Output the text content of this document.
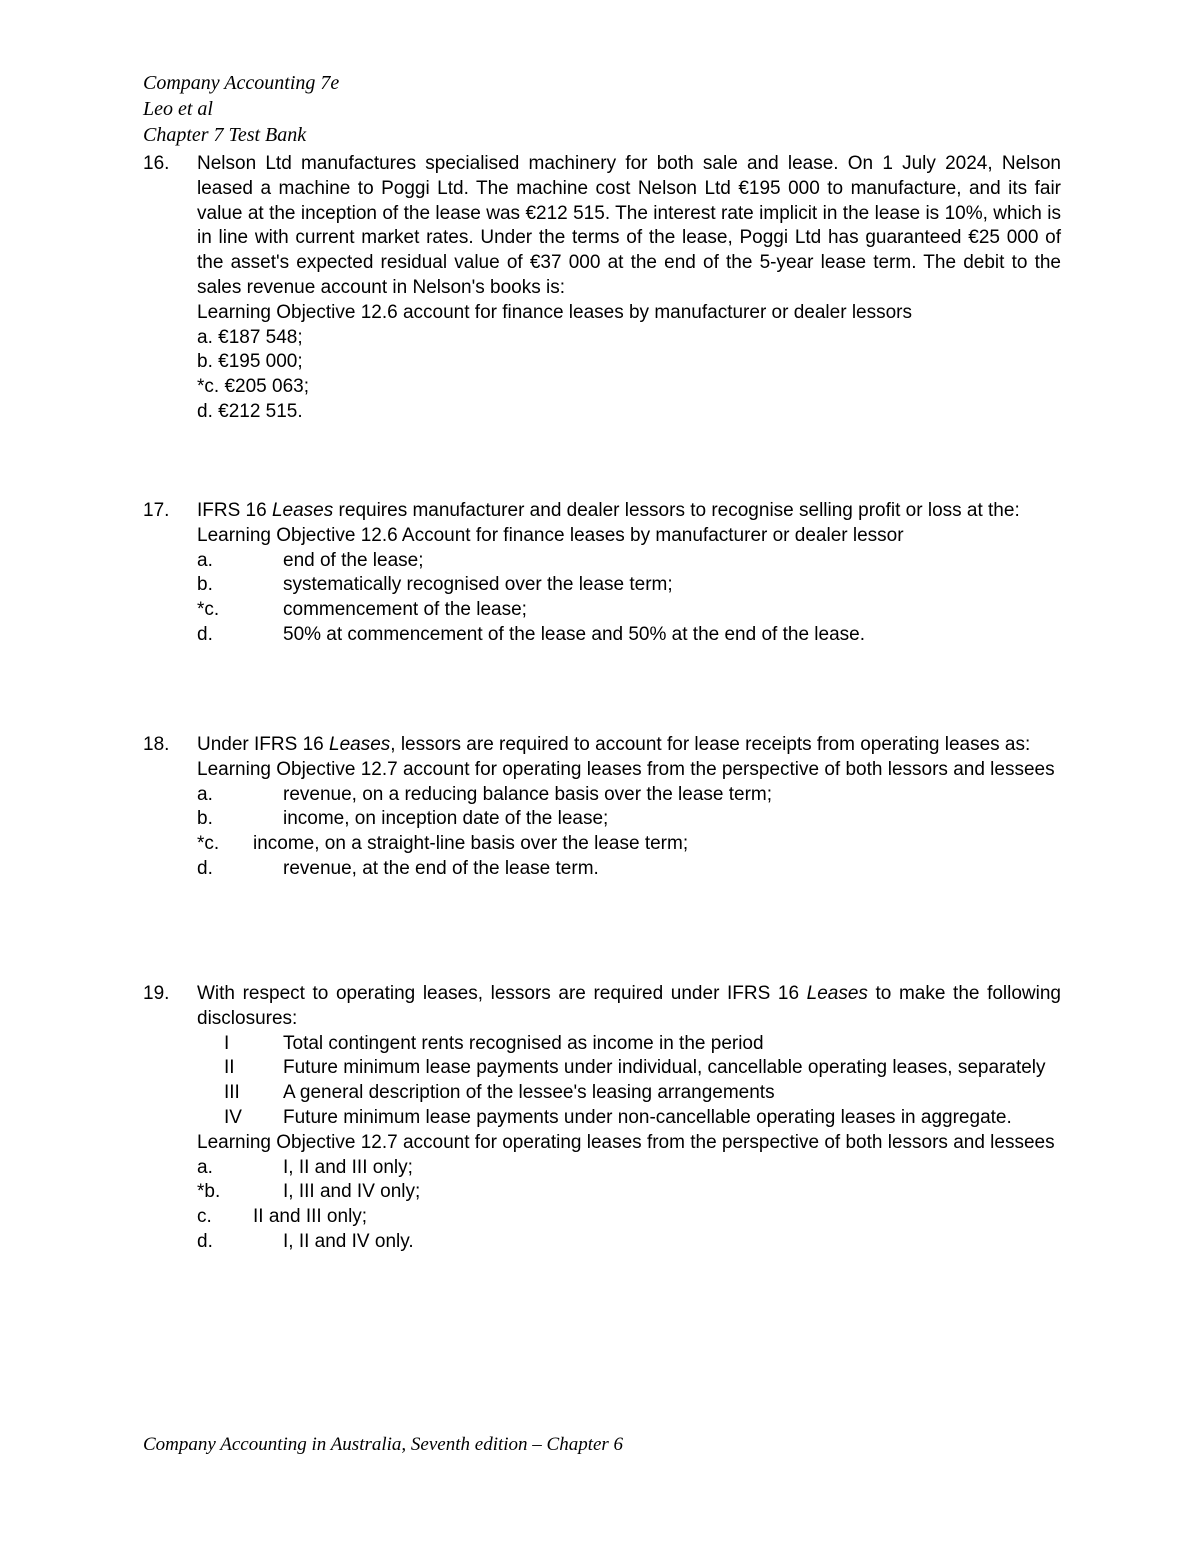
Company Accounting 7e
Leo et al
Chapter 7 Test Bank
16.	Nelson Ltd manufactures specialised machinery for both sale and lease. On 1 July 2024, Nelson leased a machine to Poggi Ltd. The machine cost Nelson Ltd €195 000 to manufacture, and its fair value at the inception of the lease was €212 515. The interest rate implicit in the lease is 10%, which is in line with current market rates. Under the terms of the lease, Poggi Ltd has guaranteed €25 000 of the asset's expected residual value of €37 000 at the end of the 5-year lease term. The debit to the sales revenue account in Nelson's books is:
Learning Objective 12.6 account for finance leases by manufacturer or dealer lessors
a. €187 548;
b. €195 000;
*c. €205 063;
d. €212 515.
17.	IFRS 16 Leases requires manufacturer and dealer lessors to recognise selling profit or loss at the:
Learning Objective 12.6 Account for finance leases by manufacturer or dealer lessor
a.	end of the lease;
b.	systematically recognised over the lease term;
*c.	commencement of the lease;
d.	50% at commencement of the lease and 50% at the end of the lease.
18.	Under IFRS 16 Leases, lessors are required to account for lease receipts from operating leases as:
Learning Objective 12.7 account for operating leases from the perspective of both lessors and lessees
a.	revenue, on a reducing balance basis over the lease term;
b.	income, on inception date of the lease;
*c.	income, on a straight-line basis over the lease term;
d.	revenue, at the end of the lease term.
19.	With respect to operating leases, lessors are required under IFRS 16 Leases to make the following disclosures:
I	Total contingent rents recognised as income in the period
II	Future minimum lease payments under individual, cancellable operating leases, separately
III	A general description of the lessee's leasing arrangements
IV	Future minimum lease payments under non-cancellable operating leases in aggregate.
Learning Objective 12.7 account for operating leases from the perspective of both lessors and lessees
a.	I, II and III only;
*b.	I, III and IV only;
c.	II and III only;
d.	I, II and IV only.
Company Accounting in Australia, Seventh edition – Chapter 6
